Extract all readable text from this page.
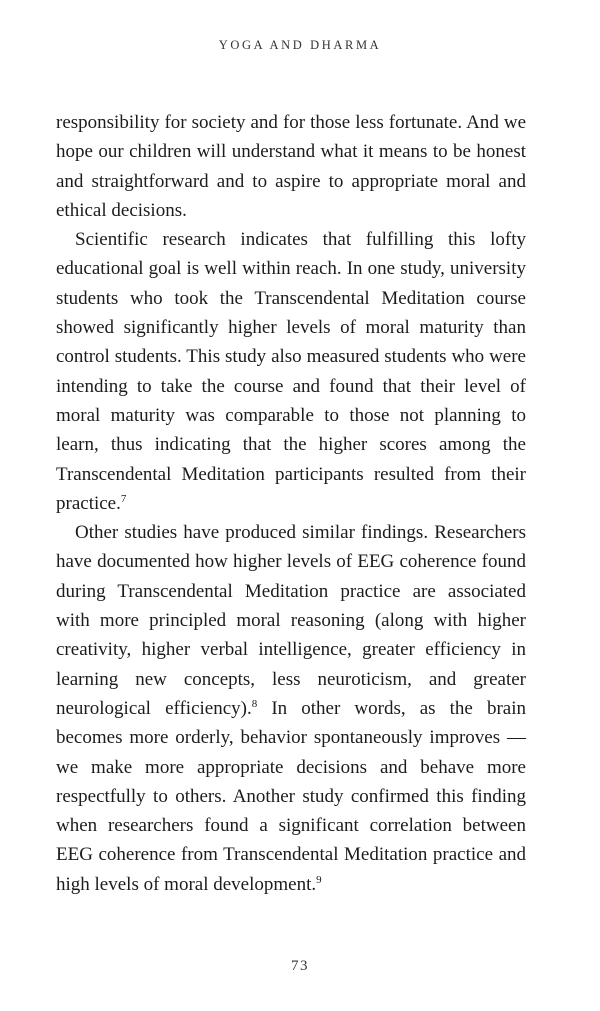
YOGA AND DHARMA

responsibility for society and for those less fortunate. And we hope our children will understand what it means to be honest and straightforward and to aspire to appropriate moral and ethical decisions.

Scientific research indicates that fulfilling this lofty educational goal is well within reach. In one study, university students who took the Transcendental Meditation course showed significantly higher levels of moral maturity than control students. This study also measured students who were intending to take the course and found that their level of moral maturity was comparable to those not planning to learn, thus indicating that the higher scores among the Transcendental Meditation participants resulted from their practice.$^7$

Other studies have produced similar findings. Researchers have documented how higher levels of EEG coherence found during Transcendental Meditation practice are associated with more principled moral reasoning (along with higher creativity, higher verbal intelligence, greater efficiency in learning new concepts, less neuroticism, and greater neurological efficiency).$^8$ In other words, as the brain becomes more orderly, behavior spontaneously improves — we make more appropriate decisions and behave more respectfully to others. Another study confirmed this finding when researchers found a significant correlation between EEG coherence from Transcendental Meditation practice and high levels of moral development.$^9$

73
